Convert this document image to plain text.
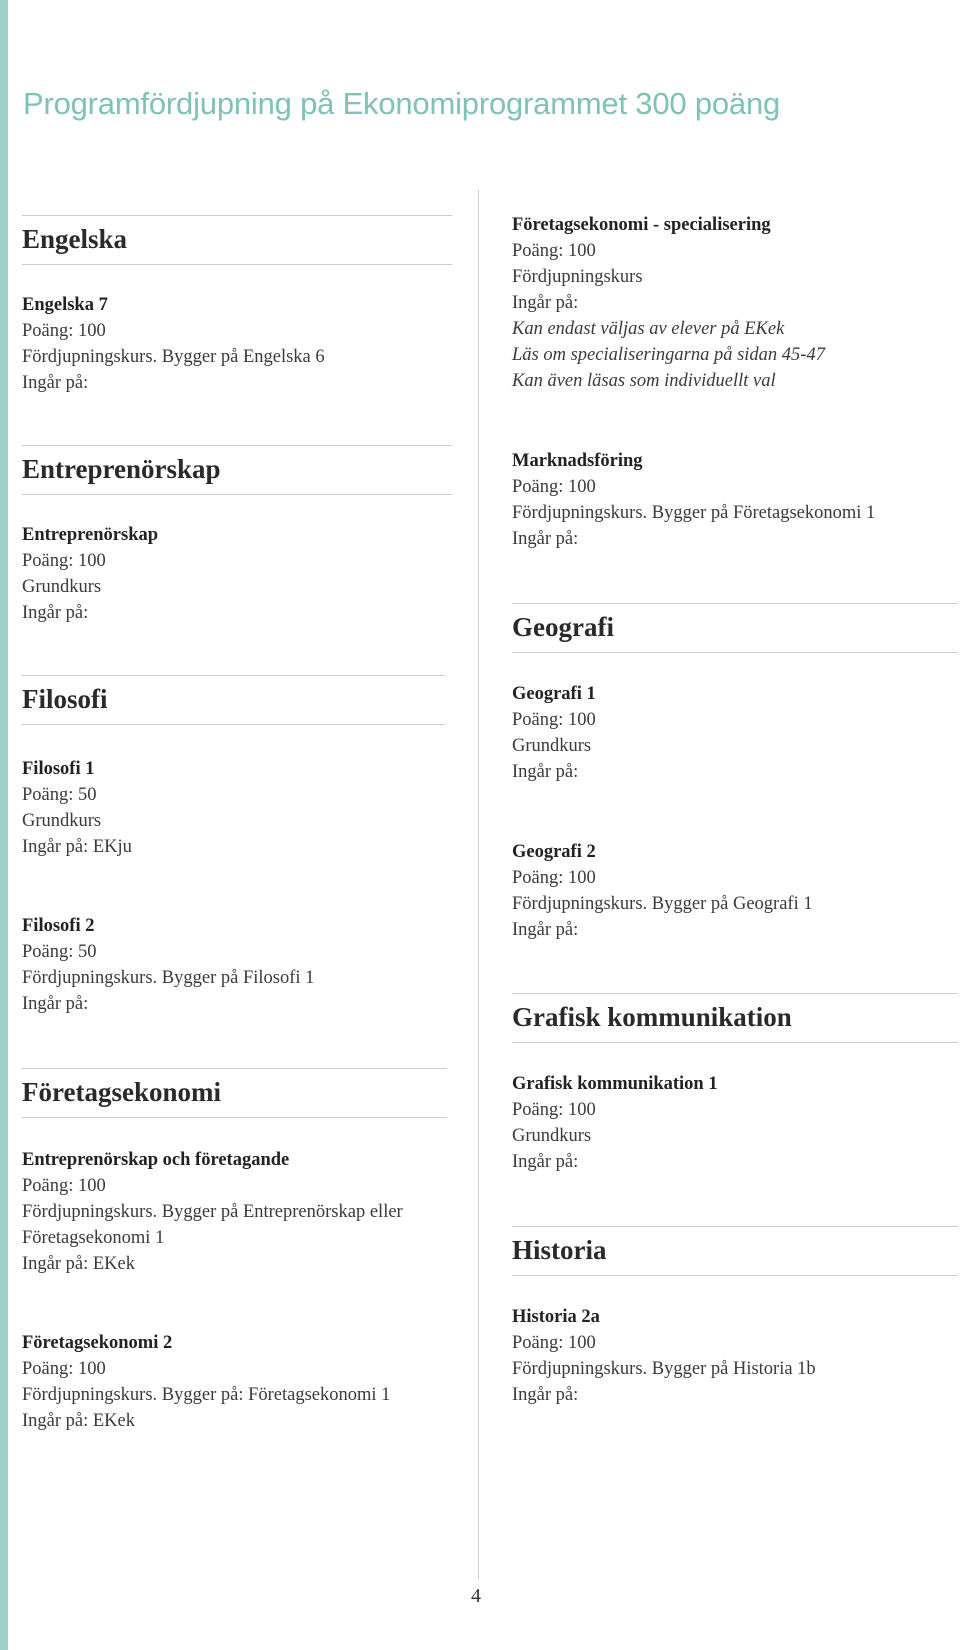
Programfördjupning på Ekonomiprogrammet 300 poäng
Engelska
Engelska 7
Poäng: 100
Fördjupningskurs. Bygger på Engelska 6
Ingår på:
Entreprenörskap
Entreprenörskap
Poäng: 100
Grundkurs
Ingår på:
Filosofi
Filosofi 1
Poäng: 50
Grundkurs
Ingår på: EKju
Filosofi 2
Poäng: 50
Fördjupningskurs. Bygger på Filosofi 1
Ingår på:
Företagsekonomi
Entreprenörskap och företagande
Poäng: 100
Fördjupningskurs. Bygger på Entreprenörskap eller
Företagsekonomi 1
Ingår på: EKek
Företagsekonomi 2
Poäng: 100
Fördjupningskurs. Bygger på: Företagsekonomi 1
Ingår på: EKek
Företagsekonomi - specialisering
Poäng: 100
Fördjupningskurs
Ingår på:
Kan endast väljas av elever på EKek
Läs om specialiseringarna på sidan 45-47
Kan även läsas som individuellt val
Marknadsföring
Poäng: 100
Fördjupningskurs. Bygger på Företagsekonomi 1
Ingår på:
Geografi
Geografi 1
Poäng: 100
Grundkurs
Ingår på:
Geografi 2
Poäng: 100
Fördjupningskurs. Bygger på Geografi 1
Ingår på:
Grafisk kommunikation
Grafisk kommunikation 1
Poäng: 100
Grundkurs
Ingår på:
Historia
Historia 2a
Poäng: 100
Fördjupningskurs. Bygger på Historia 1b
Ingår på:
4
